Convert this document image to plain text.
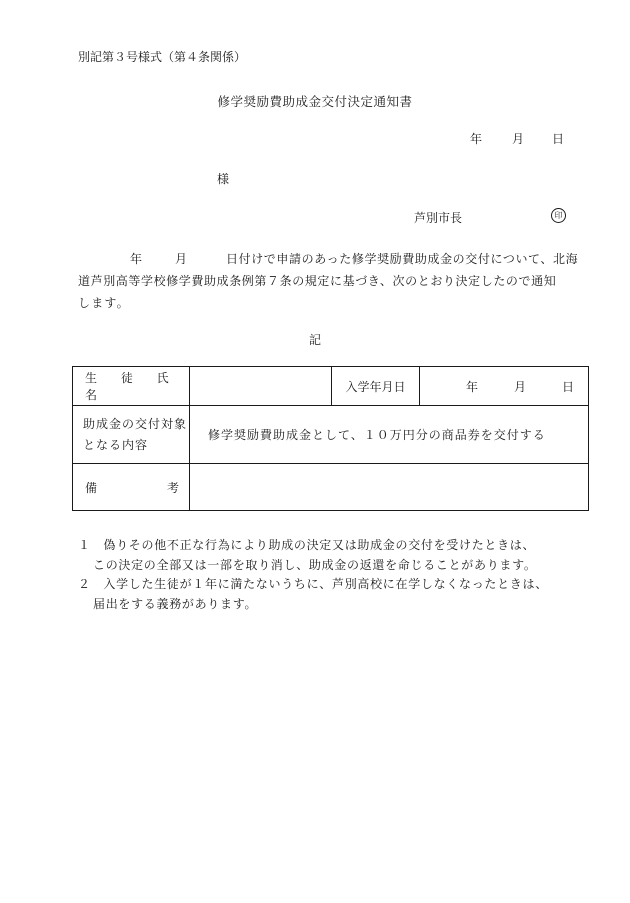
別記第３号様式（第４条関係）
修学奨励費助成金交付決定通知書
年 月 日
様
芦別市長	印
年	月	日付けで申請のあった修学奨励費助成金の交付について、北海
道芦別高等学校修学費助成条例第７条の規定に基づき、次のとおり決定したので通知
します。
記
生 徒 氏 名		入学年月日	年　　　月　　　日
助成金の交付対象となる内容	修学奨励費助成金として、１０万円分の商品券を交付する		
備 考			

１　偽りその他不正な行為により助成の決定又は助成金の交付を受けたときは、
この決定の全部又は一部を取り消し、助成金の返還を命じることがあります。
２　入学した生徒が１年に満たないうちに、芦別高校に在学しなくなったときは、
届出をする義務があります。
